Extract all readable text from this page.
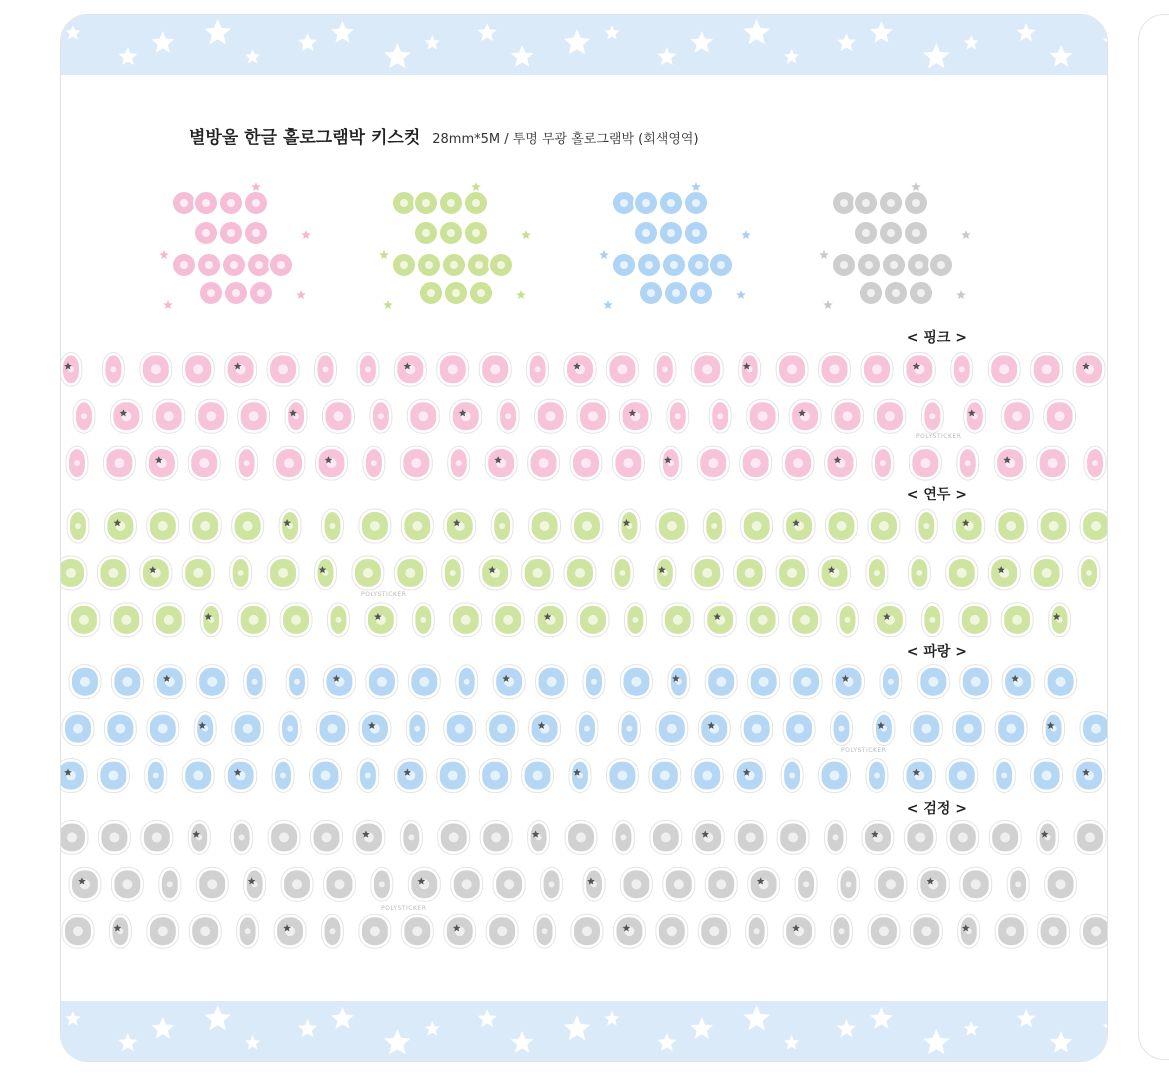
별방울 한글 홀로그램박 키스컷 28mm*5M / 투명 무광 홀로그램박 (회색영역)
< 핑크 >
< 연두 >
< 파랑 >
< 검정 >
POLYSTICKER
POLYSTICKER
POLYSTICKER
POLYSTICKER
